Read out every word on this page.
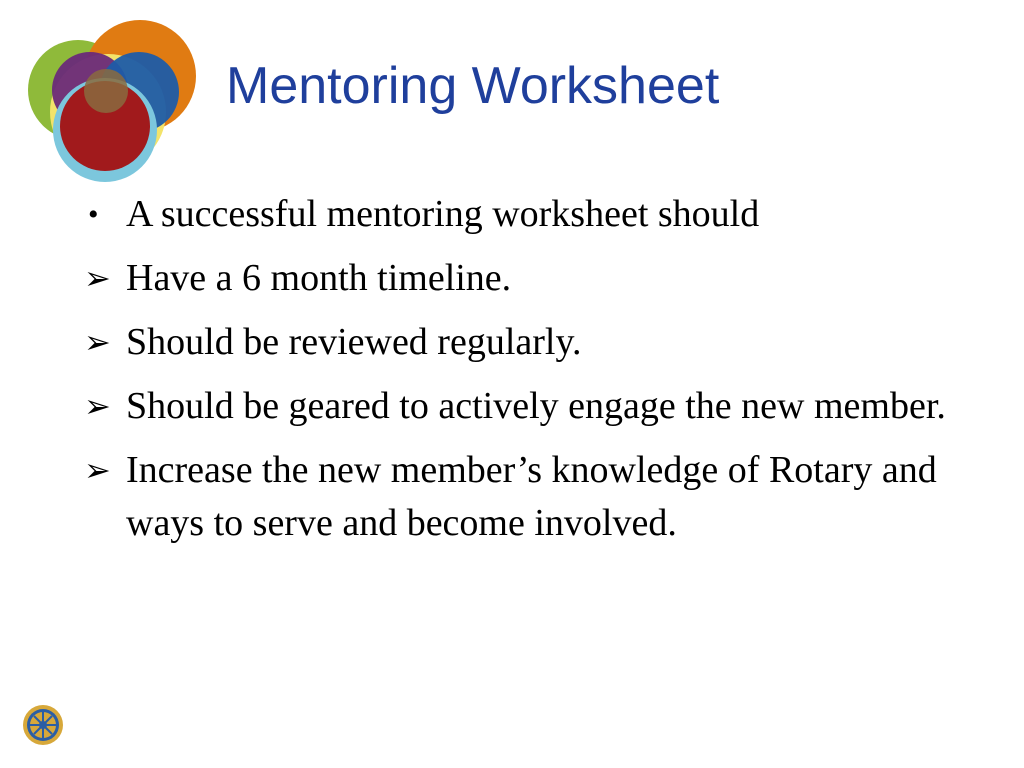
Mentoring Worksheet
• A successful mentoring worksheet should
➢ Have a 6 month timeline.
➢ Should be reviewed regularly.
➢ Should be geared to actively engage the new member.
➢ Increase the new member’s knowledge of Rotary and ways to serve and become involved.
